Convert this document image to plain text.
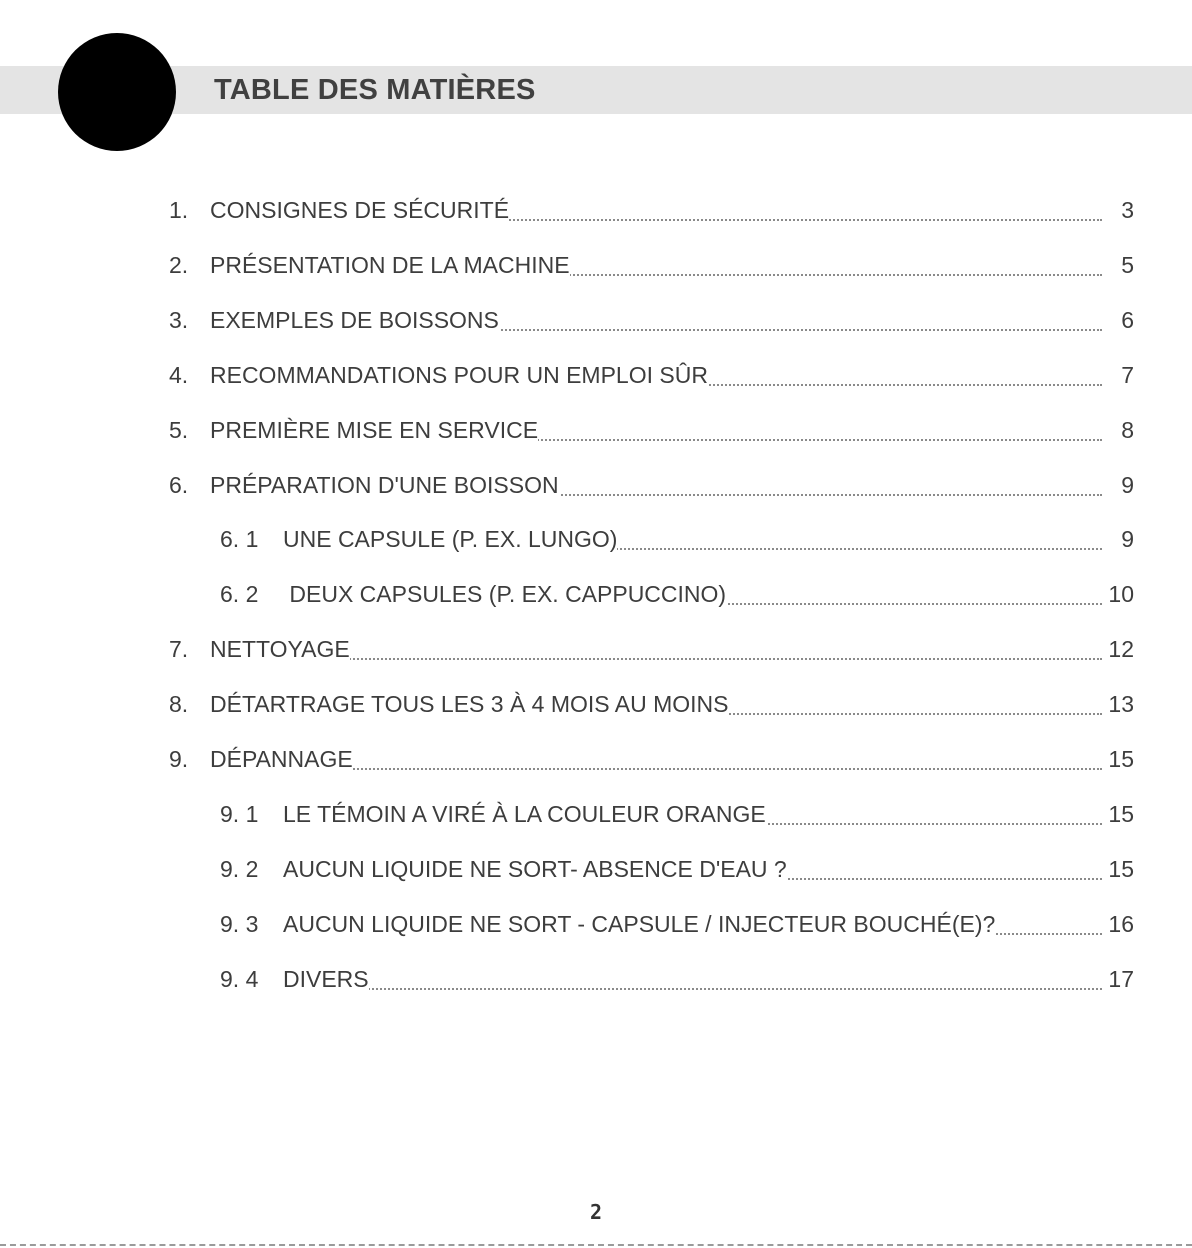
TABLE DES MATIÈRES
1. CONSIGNES DE SÉCURITÉ	3
2. PRÉSENTATION DE LA MACHINE	5
3. EXEMPLES DE BOISSONS	6
4. RECOMMANDATIONS POUR UN EMPLOI SÛR	7
5. PREMIÈRE MISE EN SERVICE	8
6. PRÉPARATION D'UNE BOISSON	9
6. 1 UNE CAPSULE (P. EX. LUNGO)	9
6. 2 DEUX CAPSULES (P. EX. CAPPUCCINO)	10
7. NETTOYAGE	12
8. DÉTARTRAGE TOUS LES 3 À 4 MOIS AU MOINS	13
9. DÉPANNAGE	15
9. 1 LE TÉMOIN A VIRÉ À LA COULEUR ORANGE	15
9. 2 AUCUN LIQUIDE NE SORT- ABSENCE D'EAU ?	15
9. 3 AUCUN LIQUIDE NE SORT - CAPSULE / INJECTEUR BOUCHÉ(E)?	16
9. 4 DIVERS	17
2
